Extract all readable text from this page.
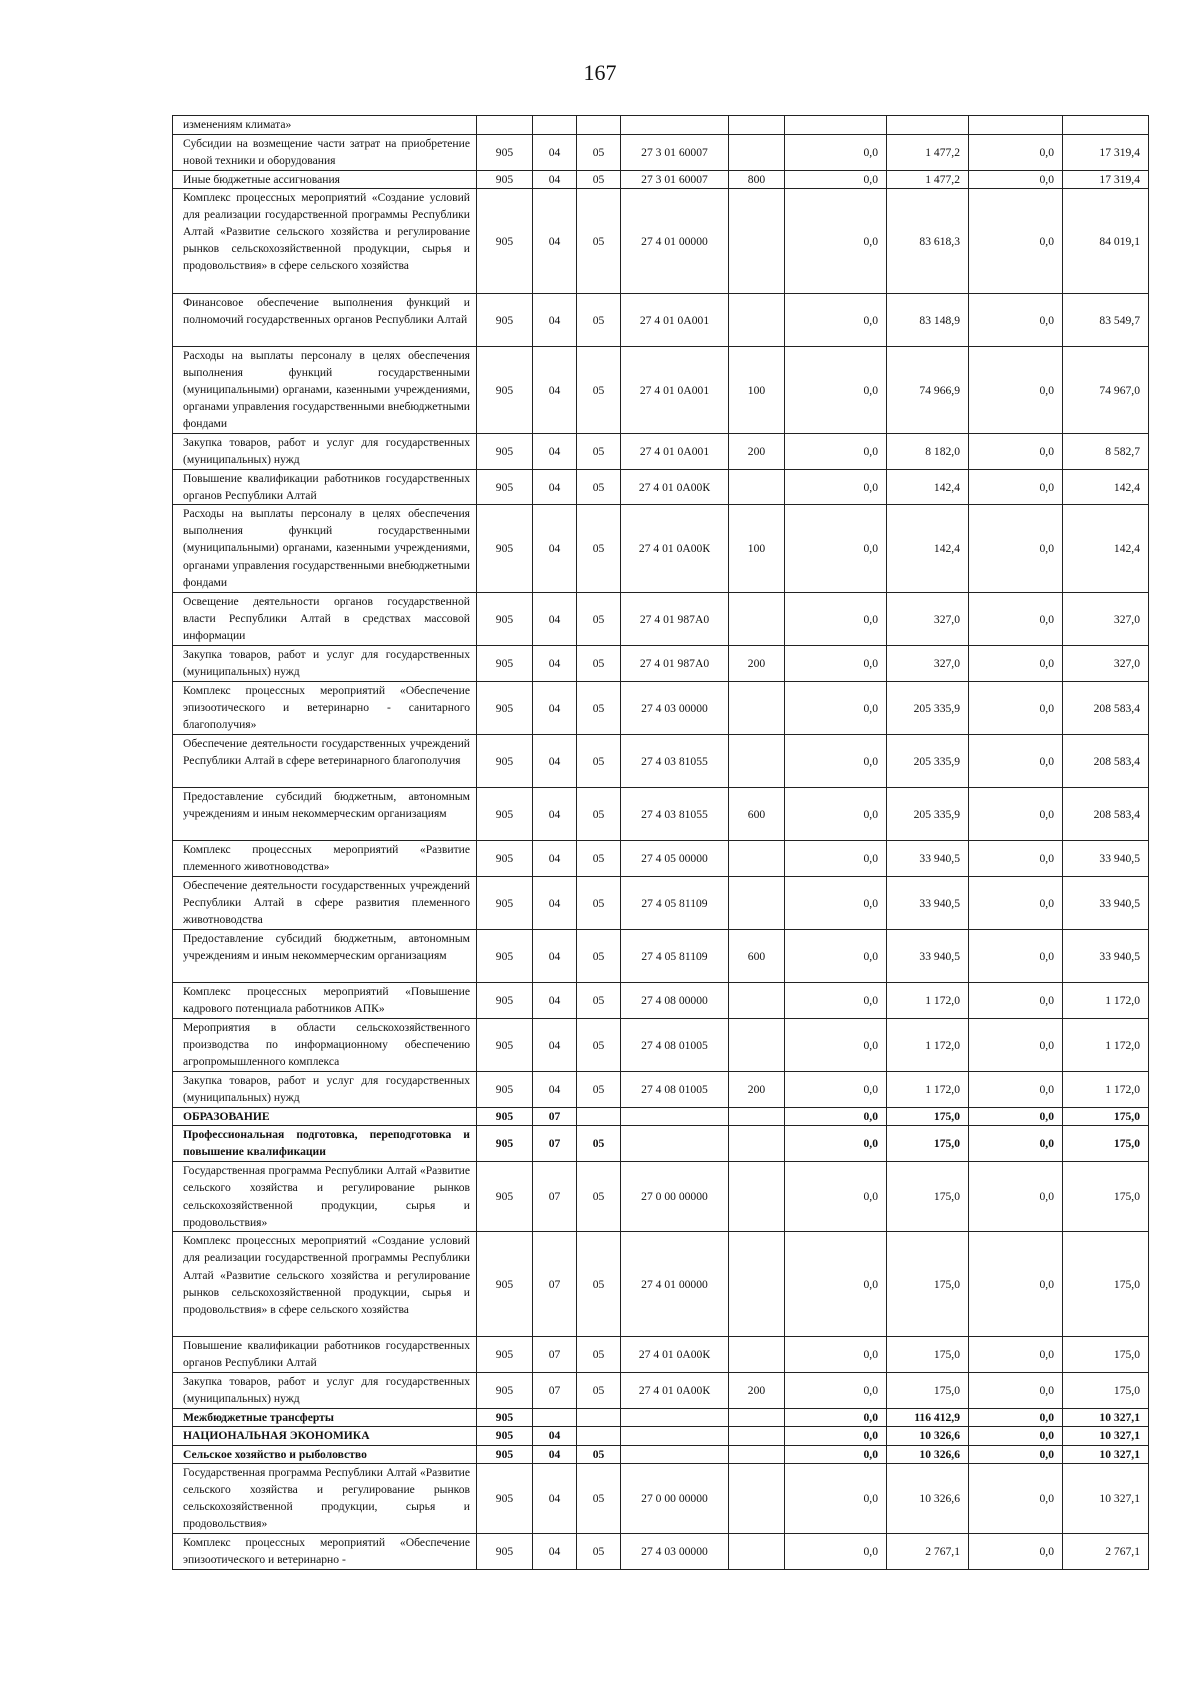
167
изменениям климата»									
Субсидии на возмещение части затрат на приобретение новой техники и оборудования	905	04	05	27 3 01 60007		0,0	1 477,2	0,0	17 319,4
Иные бюджетные ассигнования	905	04	05	27 3 01 60007	800	0,0	1 477,2	0,0	17 319,4
Комплекс процессных мероприятий «Создание условий для реализации государственной программы Республики Алтай «Развитие сельского хозяйства и регулирование рынков сельскохозяйственной продукции, сырья и продовольствия» в сфере сельского хозяйства	905	04	05	27 4 01 00000		0,0	83 618,3	0,0	84 019,1
Финансовое обеспечение выполнения функций и полномочий государственных органов Республики Алтай	905	04	05	27 4 01 0А001		0,0	83 148,9	0,0	83 549,7
Расходы на выплаты персоналу в целях обеспечения выполнения функций государственными (муниципальными) органами, казенными учреждениями, органами управления государственными внебюджетными фондами	905	04	05	27 4 01 0А001	100	0,0	74 966,9	0,0	74 967,0
Закупка товаров, работ и услуг для государственных (муниципальных) нужд	905	04	05	27 4 01 0А001	200	0,0	8 182,0	0,0	8 582,7
Повышение квалификации работников государственных органов Республики Алтай	905	04	05	27 4 01 0А00К		0,0	142,4	0,0	142,4
Расходы на выплаты персоналу в целях обеспечения выполнения функций государственными (муниципальными) органами, казенными учреждениями, органами управления государственными внебюджетными фондами	905	04	05	27 4 01 0А00К	100	0,0	142,4	0,0	142,4
Освещение деятельности органов государственной власти Республики Алтай в средствах массовой информации	905	04	05	27 4 01 987А0		0,0	327,0	0,0	327,0
Закупка товаров, работ и услуг для государственных (муниципальных) нужд	905	04	05	27 4 01 987А0	200	0,0	327,0	0,0	327,0
Комплекс процессных мероприятий «Обеспечение эпизоотического и ветеринарно - санитарного благополучия»	905	04	05	27 4 03 00000		0,0	205 335,9	0,0	208 583,4
Обеспечение деятельности государственных учреждений Республики Алтай в сфере ветеринарного благополучия	905	04	05	27 4 03 81055		0,0	205 335,9	0,0	208 583,4
Предоставление субсидий бюджетным, автономным учреждениям и иным некоммерческим организациям	905	04	05	27 4 03 81055	600	0,0	205 335,9	0,0	208 583,4
Комплекс процессных мероприятий «Развитие племенного животноводства»	905	04	05	27 4 05 00000		0,0	33 940,5	0,0	33 940,5
Обеспечение деятельности государственных учреждений Республики Алтай в сфере развития племенного животноводства	905	04	05	27 4 05 81109		0,0	33 940,5	0,0	33 940,5
Предоставление субсидий бюджетным, автономным учреждениям и иным некоммерческим организациям	905	04	05	27 4 05 81109	600	0,0	33 940,5	0,0	33 940,5
Комплекс процессных мероприятий «Повышение кадрового потенциала работников АПК»	905	04	05	27 4 08 00000		0,0	1 172,0	0,0	1 172,0
Мероприятия в области сельскохозяйственного производства по информационному обеспечению агропромышленного комплекса	905	04	05	27 4 08 01005		0,0	1 172,0	0,0	1 172,0
Закупка товаров, работ и услуг для государственных (муниципальных) нужд	905	04	05	27 4 08 01005	200	0,0	1 172,0	0,0	1 172,0
ОБРАЗОВАНИЕ	905	07				0,0	175,0	0,0	175,0
Профессиональная подготовка, переподготовка и повышение квалификации	905	07	05			0,0	175,0	0,0	175,0
Государственная программа Республики Алтай «Развитие сельского хозяйства и регулирование рынков сельскохозяйственной продукции, сырья и продовольствия»	905	07	05	27 0 00 00000		0,0	175,0	0,0	175,0
Комплекс процессных мероприятий «Создание условий для реализации государственной программы Республики Алтай «Развитие сельского хозяйства и регулирование рынков сельскохозяйственной продукции, сырья и продовольствия» в сфере сельского хозяйства	905	07	05	27 4 01 00000		0,0	175,0	0,0	175,0
Повышение квалификации работников государственных органов Республики Алтай	905	07	05	27 4 01 0А00К		0,0	175,0	0,0	175,0
Закупка товаров, работ и услуг для государственных (муниципальных) нужд	905	07	05	27 4 01 0А00К	200	0,0	175,0	0,0	175,0
Межбюджетные трансферты	905					0,0	116 412,9	0,0	10 327,1
НАЦИОНАЛЬНАЯ ЭКОНОМИКА	905	04				0,0	10 326,6	0,0	10 327,1
Сельское хозяйство и рыболовство	905	04	05			0,0	10 326,6	0,0	10 327,1
Государственная программа Республики Алтай «Развитие сельского хозяйства и регулирование рынков сельскохозяйственной продукции, сырья и продовольствия»	905	04	05	27 0 00 00000		0,0	10 326,6	0,0	10 327,1
Комплекс процессных мероприятий «Обеспечение эпизоотического и ветеринарно -	905	04	05	27 4 03 00000		0,0	2 767,1	0,0	2 767,1
